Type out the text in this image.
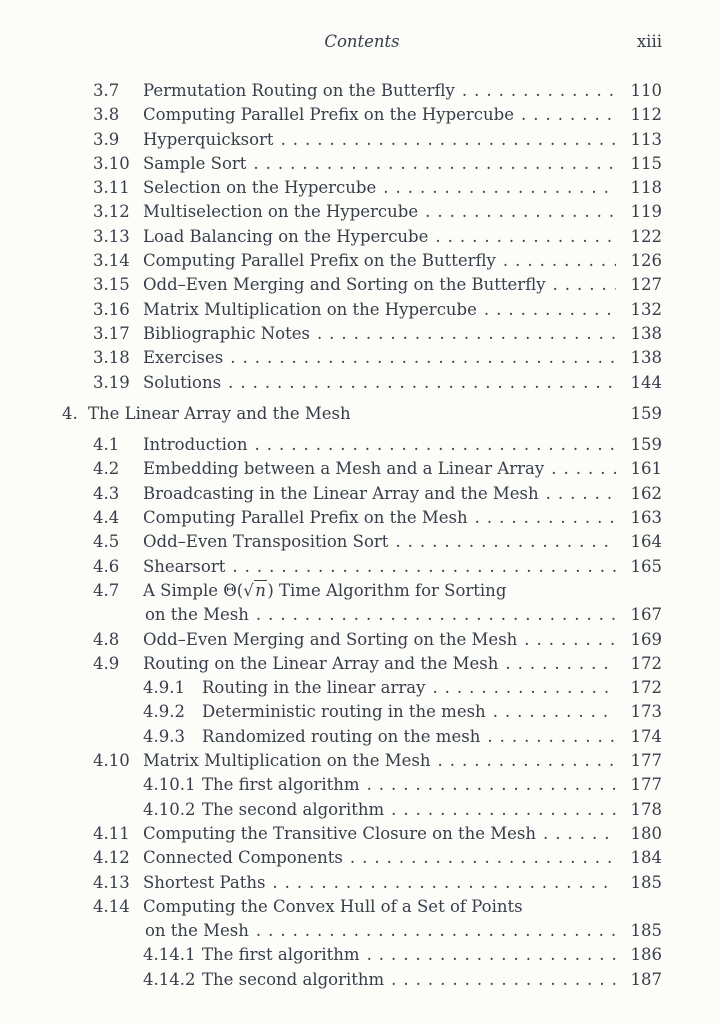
Contents	xiii
3.7	Permutation Routing on the Butterfly .....	110
3.8	Computing Parallel Prefix on the Hypercube .....	112
3.9	Hyperquicksort .....	113
3.10 Sample Sort .....	115
3.11 Selection on the Hypercube .....	118
3.12 Multiselection on the Hypercube .....	119
3.13 Load Balancing on the Hypercube .....	122
3.14 Computing Parallel Prefix on the Butterfly .....	126
3.15 Odd–Even Merging and Sorting on the Butterfly .....	127
3.16 Matrix Multiplication on the Hypercube .....	132
3.17 Bibliographic Notes .....	138
3.18 Exercises .....	138
3.19 Solutions .....	144
4. The Linear Array and the Mesh	159
4.1	Introduction .....	159
4.2	Embedding between a Mesh and a Linear Array .....	161
4.3	Broadcasting in the Linear Array and the Mesh .....	162
4.4	Computing Parallel Prefix on the Mesh .....	163
4.5	Odd–Even Transposition Sort .....	164
4.6	Shearsort .....	165
4.7	A Simple Θ(√n) Time Algorithm for Sorting
on the Mesh .....	167
4.8	Odd–Even Merging and Sorting on the Mesh .....	169
4.9	Routing on the Linear Array and the Mesh .....	172
4.9.1	Routing in the linear array .....	172
4.9.2	Deterministic routing in the mesh .....	173
4.9.3	Randomized routing on the mesh .....	174
4.10 Matrix Multiplication on the Mesh .....	177
4.10.1 The first algorithm .....	177
4.10.2 The second algorithm .....	178
4.11 Computing the Transitive Closure on the Mesh .....	180
4.12 Connected Components .....	184
4.13 Shortest Paths .....	185
4.14 Computing the Convex Hull of a Set of Points
on the Mesh .....	185
4.14.1 The first algorithm .....	186
4.14.2 The second algorithm .....	187
